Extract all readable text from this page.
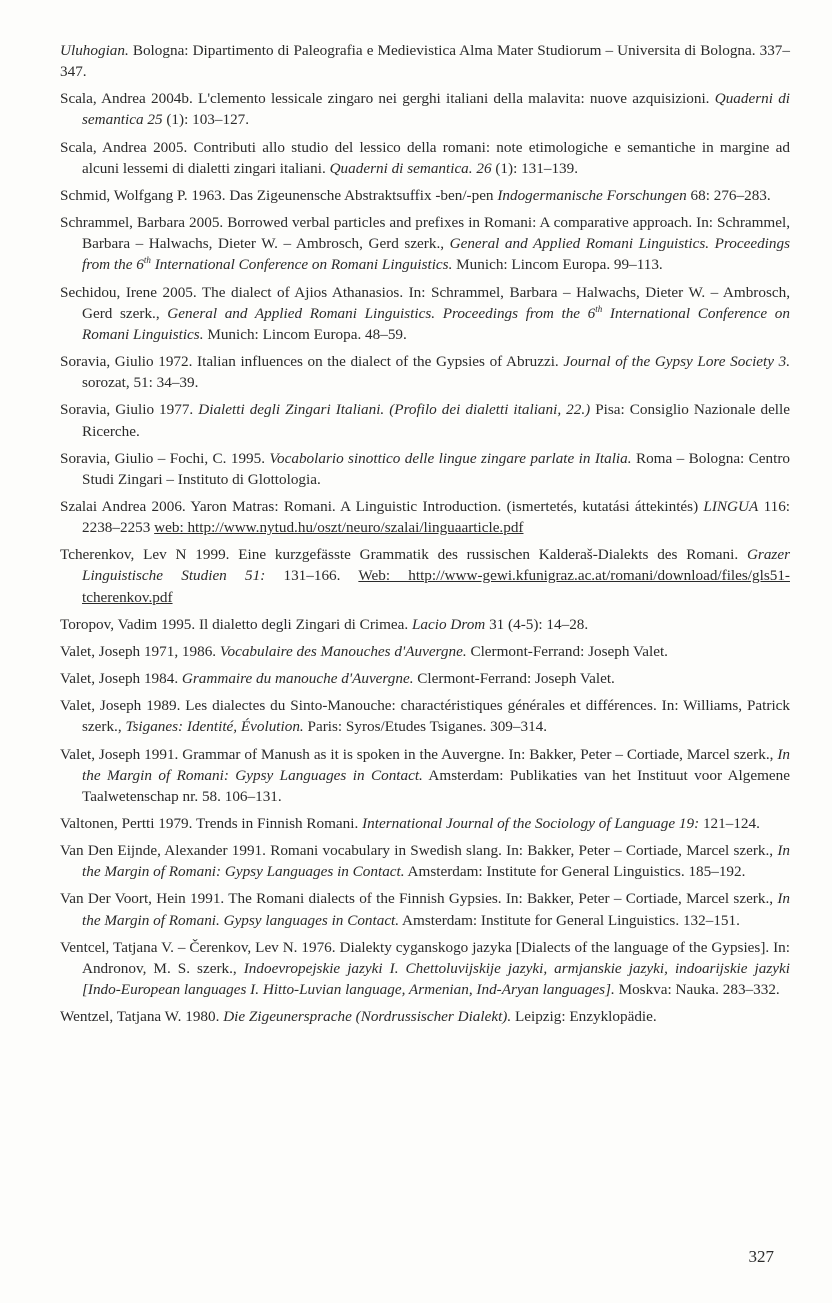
Uluhogian. Bologna: Dipartimento di Paleografia e Medievistica Alma Mater Studiorum – Universita di Bologna. 337–347.

Scala, Andrea 2004b. L'clemento lessicale zingaro nei gerghi italiani della malavita: nuove azquisizioni. Quaderni di semantica 25 (1): 103–127.

Scala, Andrea 2005. Contributi allo studio del lessico della romani: note etimologiche e semantiche in margine ad alcuni lessemi di dialetti zingari italiani. Quaderni di semantica. 26 (1): 131–139.

Schmid, Wolfgang P. 1963. Das Zigeunensche Abstraktsuffix -ben/-pen Indogermanische Forschungen 68: 276–283.

Schrammel, Barbara 2005. Borrowed verbal particles and prefixes in Romani: A comparative approach. In: Schrammel, Barbara – Halwachs, Dieter W. – Ambrosch, Gerd szerk., General and Applied Romani Linguistics. Proceedings from the 6th International Conference on Romani Linguistics. Munich: Lincom Europa. 99–113.

Sechidou, Irene 2005. The dialect of Ajios Athanasios. In: Schrammel, Barbara – Halwachs, Dieter W. – Ambrosch, Gerd szerk., General and Applied Romani Linguistics. Proceedings from the 6th International Conference on Romani Linguistics. Munich: Lincom Europa. 48–59.

Soravia, Giulio 1972. Italian influences on the dialect of the Gypsies of Abruzzi. Journal of the Gypsy Lore Society 3. sorozat, 51: 34–39.

Soravia, Giulio 1977. Dialetti degli Zingari Italiani. (Profilo dei dialetti italiani, 22.) Pisa: Consiglio Nazionale delle Ricerche.

Soravia, Giulio – Fochi, C. 1995. Vocabolario sinottico delle lingue zingare parlate in Italia. Roma – Bologna: Centro Studi Zingari – Instituto di Glottologia.

Szalai Andrea 2006. Yaron Matras: Romani. A Linguistic Introduction. (ismertetés, kutatási áttekintés) LINGUA 116: 2238–2253 web: http://www.nytud.hu/oszt/neuro/szalai/linguaarticle.pdf

Tcherenkov, Lev N 1999. Eine kurzgefässte Grammatik des russischen Kalderaš-Dialekts des Romani. Grazer Linguistische Studien 51: 131–166. Web: http://www-gewi.kfunigraz.ac.at/romani/download/files/gls51-tcherenkov.pdf

Toropov, Vadim 1995. Il dialetto degli Zingari di Crimea. Lacio Drom 31 (4-5): 14–28.

Valet, Joseph 1971, 1986. Vocabulaire des Manouches d'Auvergne. Clermont-Ferrand: Joseph Valet.

Valet, Joseph 1984. Grammaire du manouche d'Auvergne. Clermont-Ferrand: Joseph Valet.

Valet, Joseph 1989. Les dialectes du Sinto-Manouche: charactéristiques générales et différences. In: Williams, Patrick szerk., Tsiganes: Identité, Évolution. Paris: Syros/Etudes Tsiganes. 309–314.

Valet, Joseph 1991. Grammar of Manush as it is spoken in the Auvergne. In: Bakker, Peter – Cortiade, Marcel szerk., In the Margin of Romani: Gypsy Languages in Contact. Amsterdam: Publikaties van het Instituut voor Algemene Taalwetenschap nr. 58. 106–131.

Valtonen, Pertti 1979. Trends in Finnish Romani. International Journal of the Sociology of Language 19: 121–124.

Van Den Eijnde, Alexander 1991. Romani vocabulary in Swedish slang. In: Bakker, Peter – Cortiade, Marcel szerk., In the Margin of Romani: Gypsy Languages in Contact. Amsterdam: Institute for General Linguistics. 185–192.

Van Der Voort, Hein 1991. The Romani dialects of the Finnish Gypsies. In: Bakker, Peter – Cortiade, Marcel szerk., In the Margin of Romani. Gypsy languages in Contact. Amsterdam: Institute for General Linguistics. 132–151.

Ventcel, Tatjana V. – Čerenkov, Lev N. 1976. Dialekty cyganskogo jazyka [Dialects of the language of the Gypsies]. In: Andronov, M. S. szerk., Indoevropejskie jazyki I. Chettoluvijskije jazyki, armjanskie jazyki, indoarijskie jazyki [Indo-European languages I. Hitto-Luvian language, Armenian, Ind-Aryan languages]. Moskva: Nauka. 283–332.

Wentzel, Tatjana W. 1980. Die Zigeunersprache (Nordrussischer Dialekt). Leipzig: Enzyklopädie.

327
